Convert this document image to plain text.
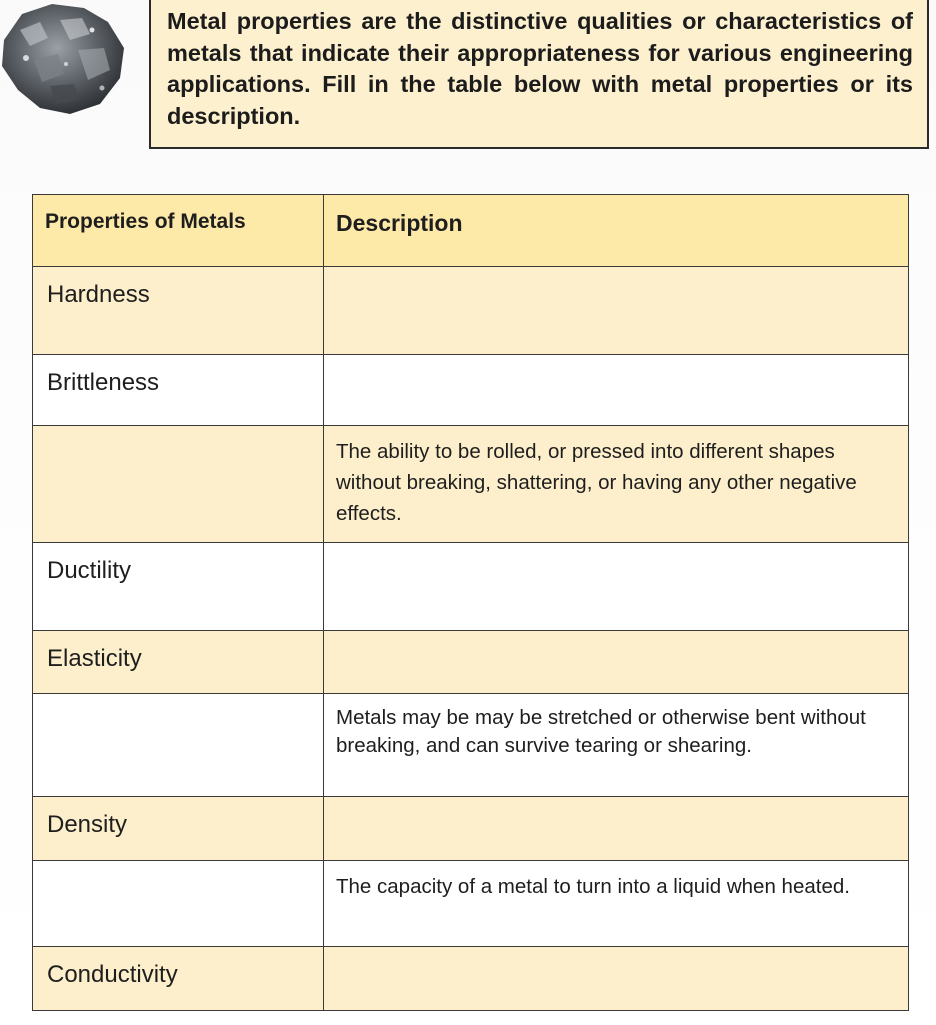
Metal properties are the distinctive qualities or characteristics of metals that indicate their appropriateness for various engineering applications. Fill in the table below with metal properties or its description.

Properties of Metals	Description
Hardness	
Brittleness	
	The ability to be rolled, or pressed into different shapes without breaking, shattering, or having any other negative effects.
Ductility	
Elasticity	
	Metals may be may be stretched or otherwise bent without breaking, and can survive tearing or shearing.
Density	
	The capacity of a metal to turn into a liquid when heated.
Conductivity	
